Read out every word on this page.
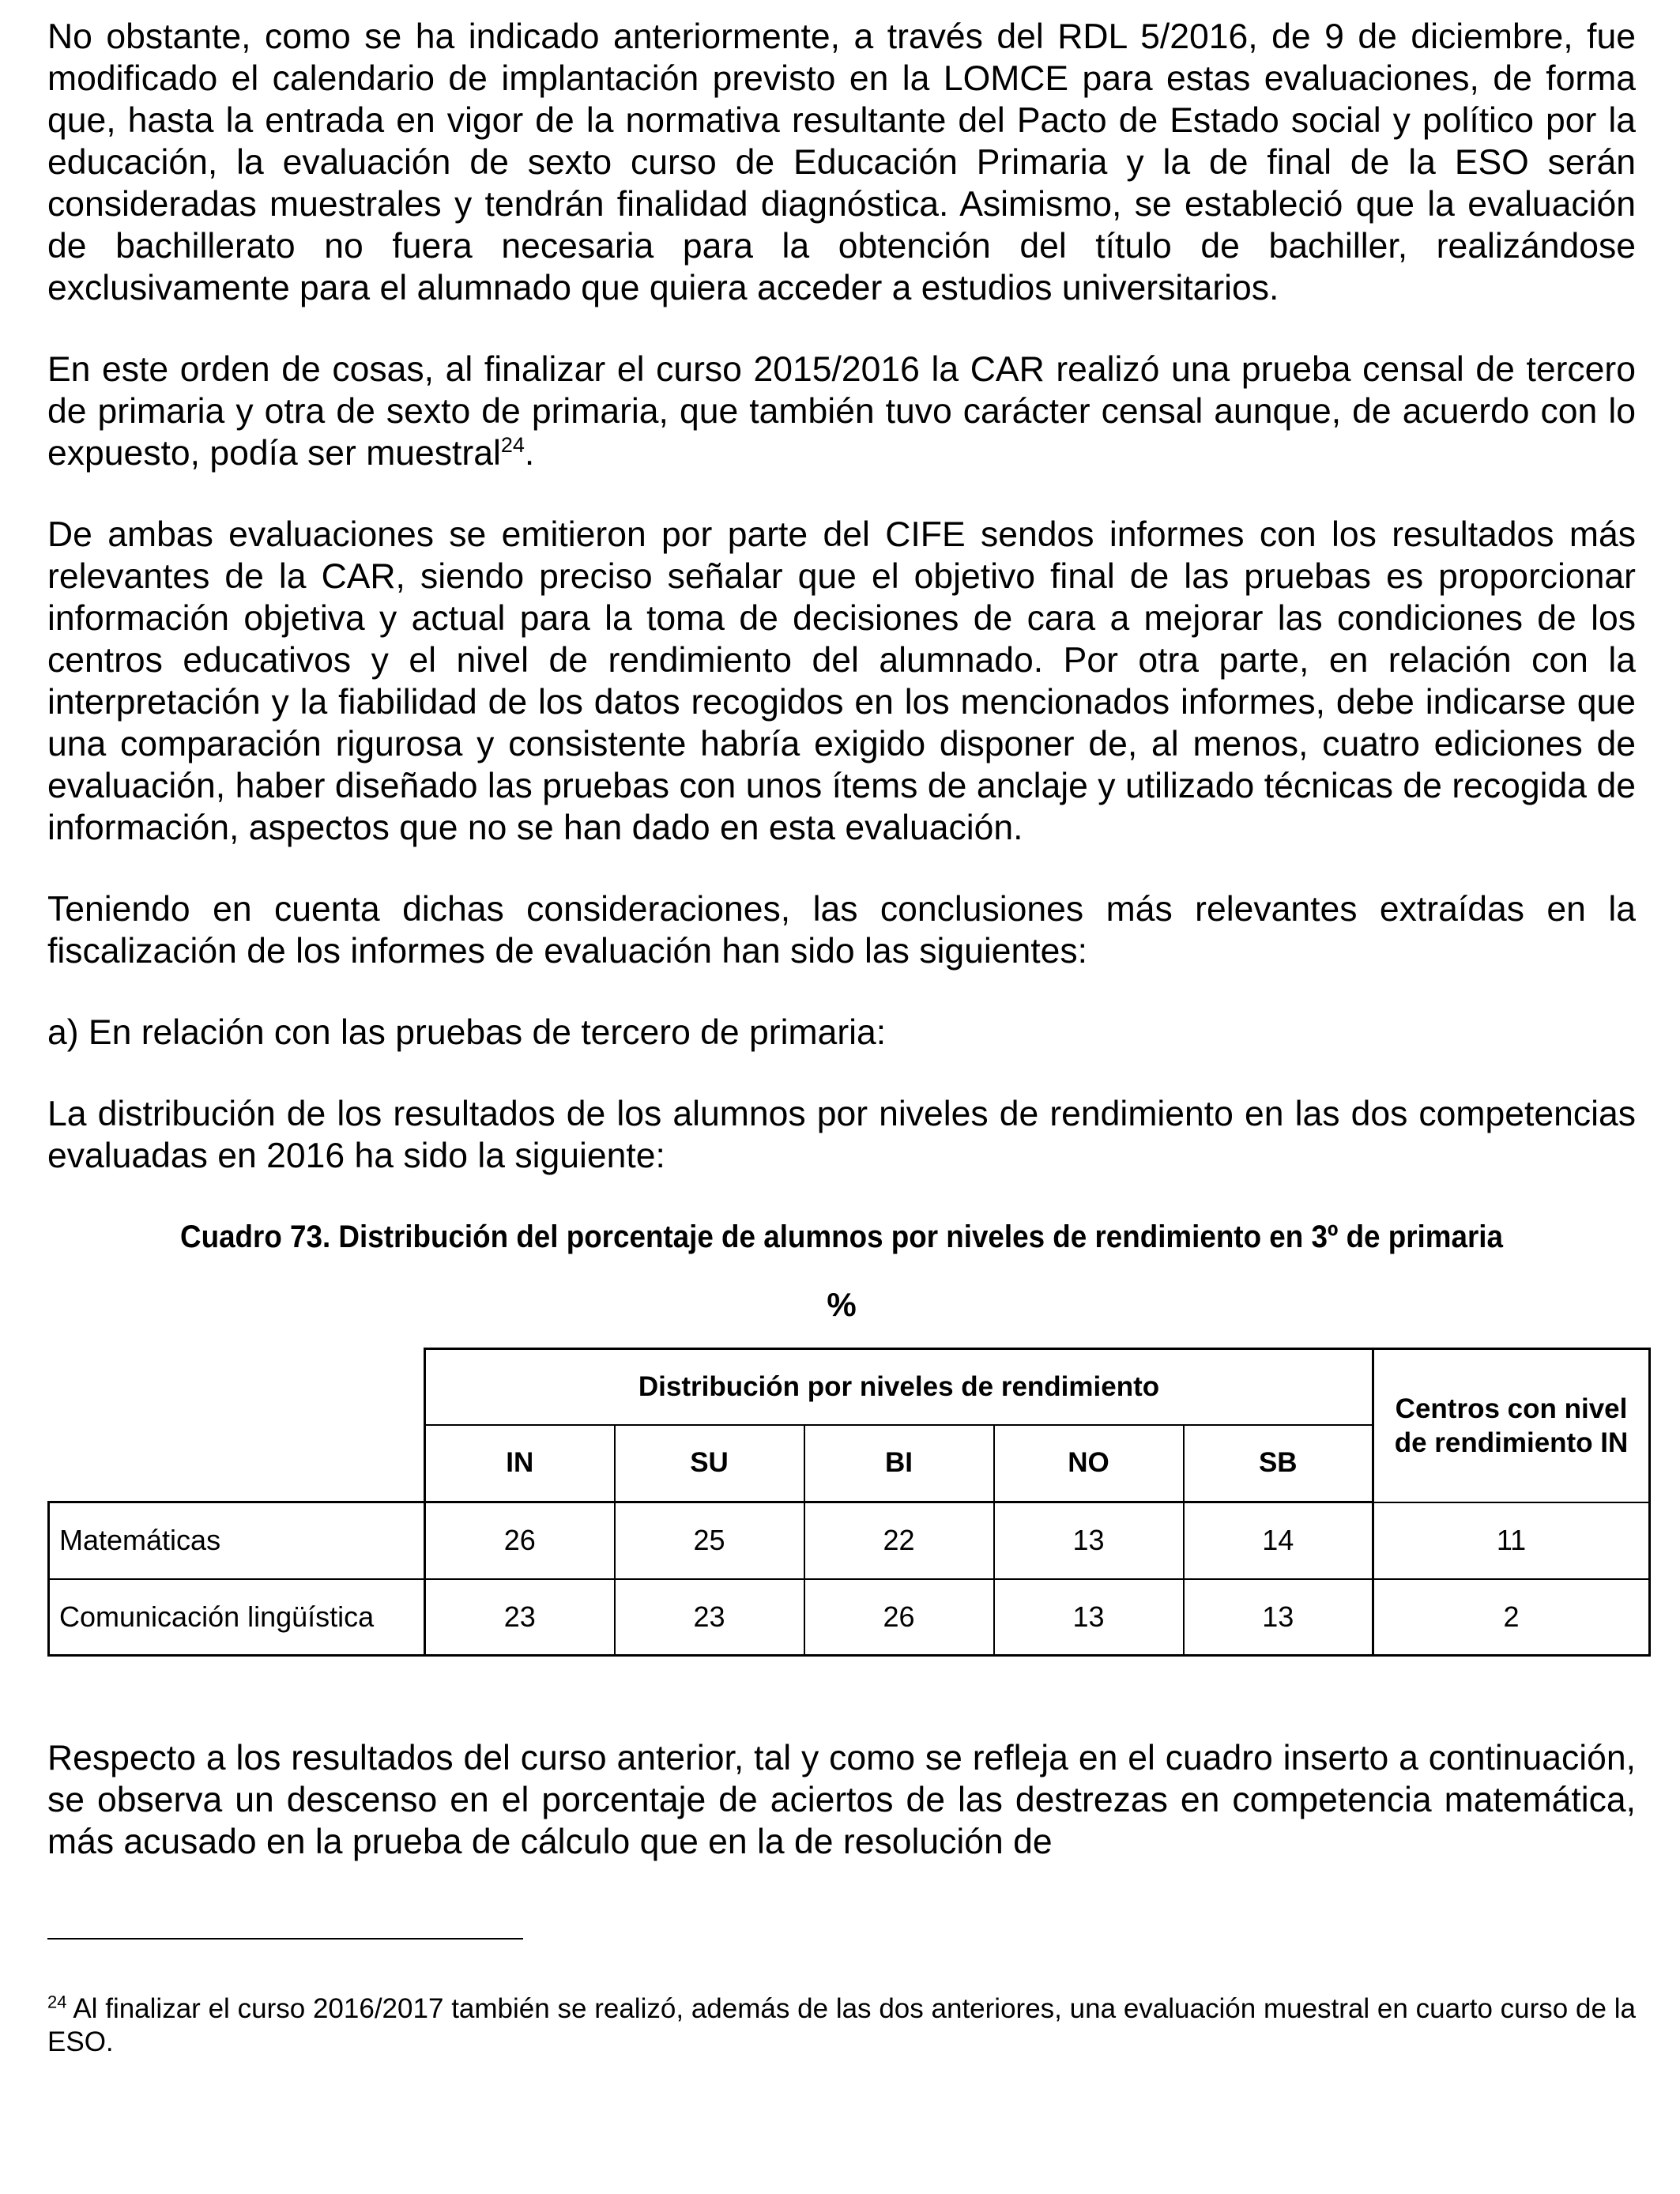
No obstante, como se ha indicado anteriormente, a través del RDL 5/2016, de 9 de diciembre, fue modificado el calendario de implantación previsto en la LOMCE para estas evaluaciones, de forma que, hasta la entrada en vigor de la normativa resultante del Pacto de Estado social y político por la educación, la evaluación de sexto curso de Educación Primaria y la de final de la ESO serán consideradas muestrales y tendrán finalidad diagnóstica. Asimismo, se estableció que la evaluación de bachillerato no fuera necesaria para la obtención del título de bachiller, realizándose exclusivamente para el alumnado que quiera acceder a estudios universitarios.

En este orden de cosas, al finalizar el curso 2015/2016 la CAR realizó una prueba censal de tercero de primaria y otra de sexto de primaria, que también tuvo carácter censal aunque, de acuerdo con lo expuesto, podía ser muestral$^{24}$.

De ambas evaluaciones se emitieron por parte del CIFE sendos informes con los resultados más relevantes de la CAR, siendo preciso señalar que el objetivo final de las pruebas es proporcionar información objetiva y actual para la toma de decisiones de cara a mejorar las condiciones de los centros educativos y el nivel de rendimiento del alumnado. Por otra parte, en relación con la interpretación y la fiabilidad de los datos recogidos en los mencionados informes, debe indicarse que una comparación rigurosa y consistente habría exigido disponer de, al menos, cuatro ediciones de evaluación, haber diseñado las pruebas con unos ítems de anclaje y utilizado técnicas de recogida de información, aspectos que no se han dado en esta evaluación.

Teniendo en cuenta dichas consideraciones, las conclusiones más relevantes extraídas en la fiscalización de los informes de evaluación han sido las siguientes:

a) En relación con las pruebas de tercero de primaria:

La distribución de los resultados de los alumnos por niveles de rendimiento en las dos competencias evaluadas en 2016 ha sido la siguiente:

Cuadro 73. Distribución del porcentaje de alumnos por niveles de rendimiento en 3º de primaria

%

	Distribución por niveles de rendimiento					Centros con nivel de rendimiento IN
	IN	SU	BI	NO	SB	
Matemáticas	26	25	22	13	14	11
Comunicación lingüística	23	23	26	13	13	2

Respecto a los resultados del curso anterior, tal y como se refleja en el cuadro inserto a continuación, se observa un descenso en el porcentaje de aciertos de las destrezas en competencia matemática, más acusado en la prueba de cálculo que en la de resolución de

$^{24}$ Al finalizar el curso 2016/2017 también se realizó, además de las dos anteriores, una evaluación muestral en cuarto curso de la ESO.
